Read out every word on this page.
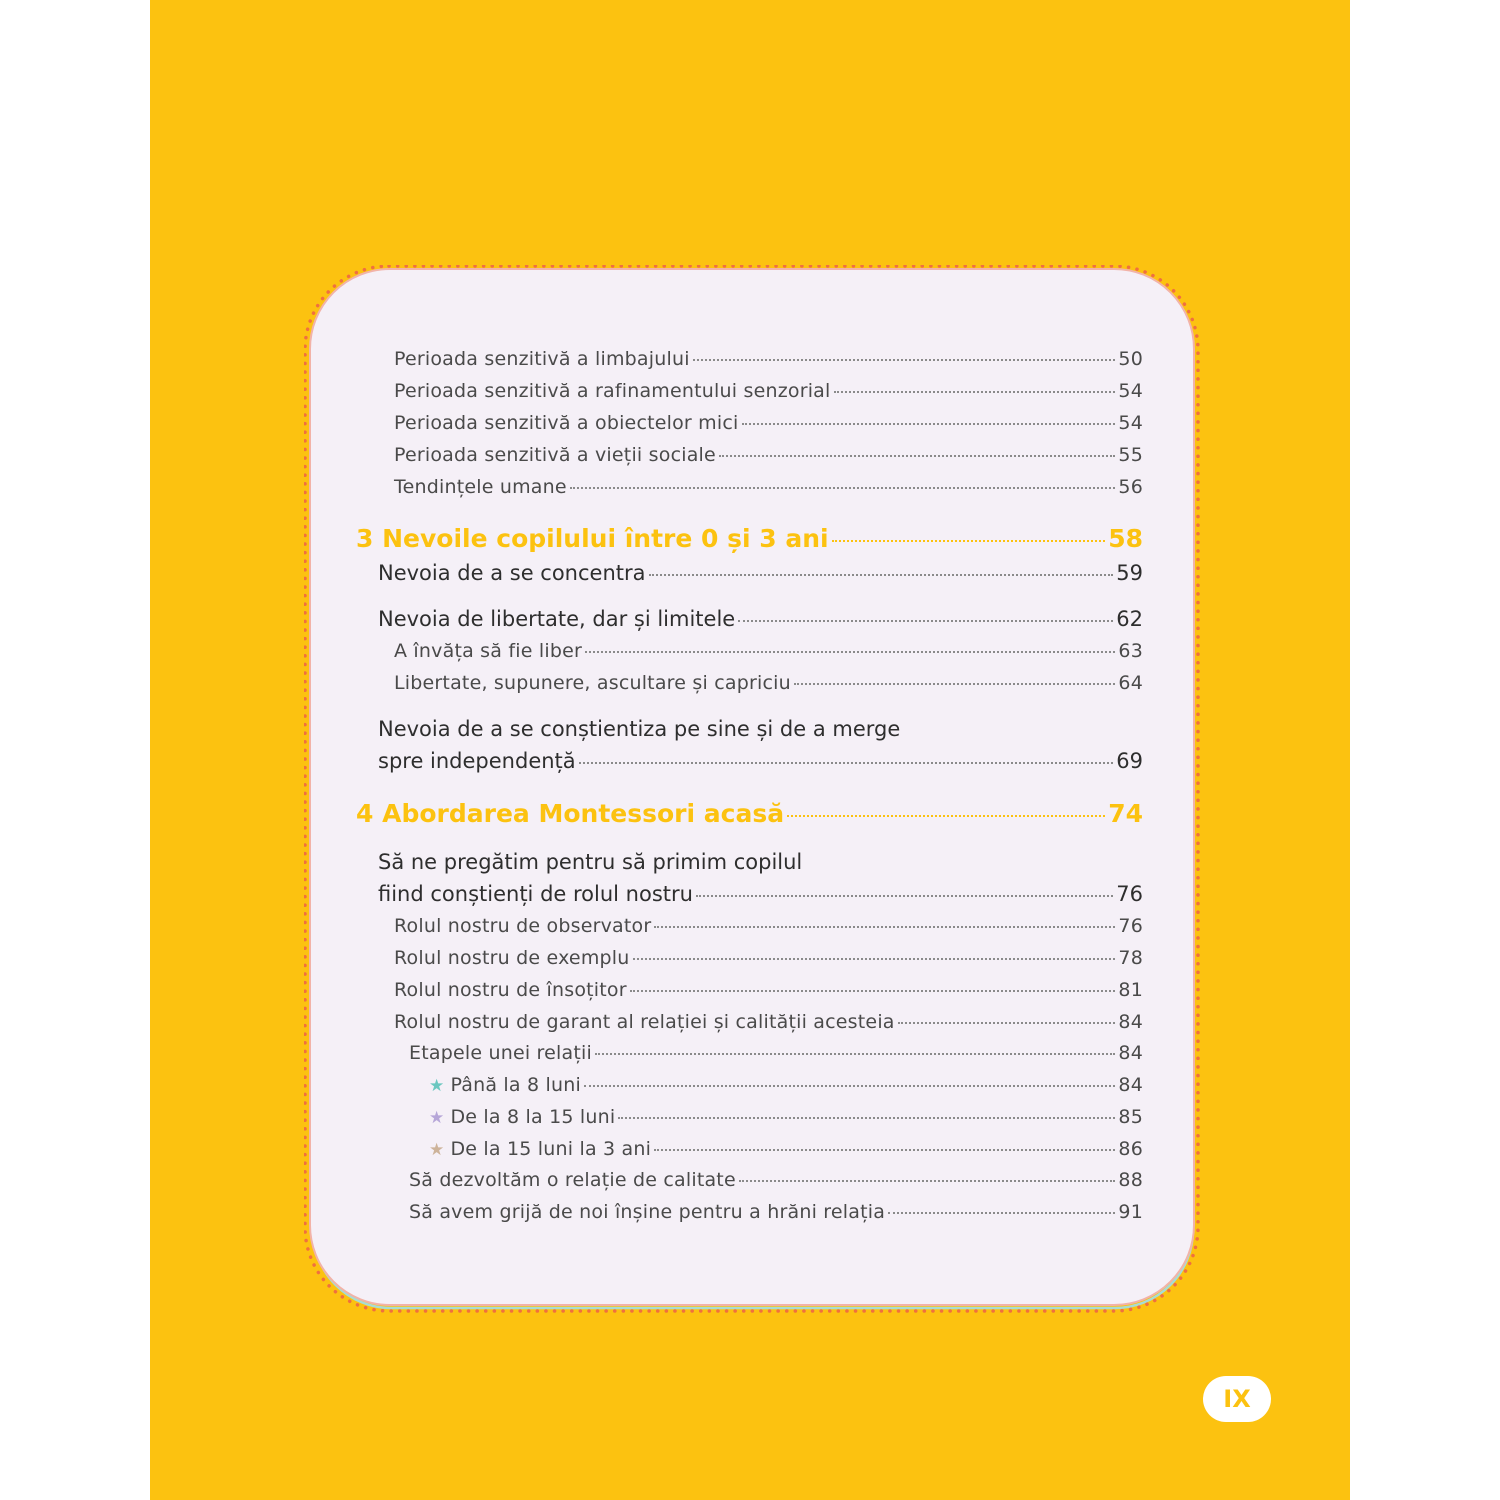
Perioada senzitivă a limbajului	50
Perioada senzitivă a rafinamentului senzorial	54
Perioada senzitivă a obiectelor mici	54
Perioada senzitivă a vieții sociale	55
Tendințele umane	56
3 Nevoile copilului între 0 și 3 ani	58
Nevoia de a se concentra	59
Nevoia de libertate, dar și limitele	62
A învăța să fie liber	63
Libertate, supunere, ascultare și capriciu	64
Nevoia de a se conștientiza pe sine și de a merge
spre independență	69
4 Abordarea Montessori acasă	74
Să ne pregătim pentru să primim copilul
fiind conștienți de rolul nostru	76
Rolul nostru de observator	76
Rolul nostru de exemplu	78
Rolul nostru de însoțitor	81
Rolul nostru de garant al relației și calității acesteia	84
Etapele unei relații	84
★ Până la 8 luni	84
★ De la 8 la 15 luni	85
★ De la 15 luni la 3 ani	86
Să dezvoltăm o relație de calitate	88
Să avem grijă de noi înșine pentru a hrăni relația	91
IX
